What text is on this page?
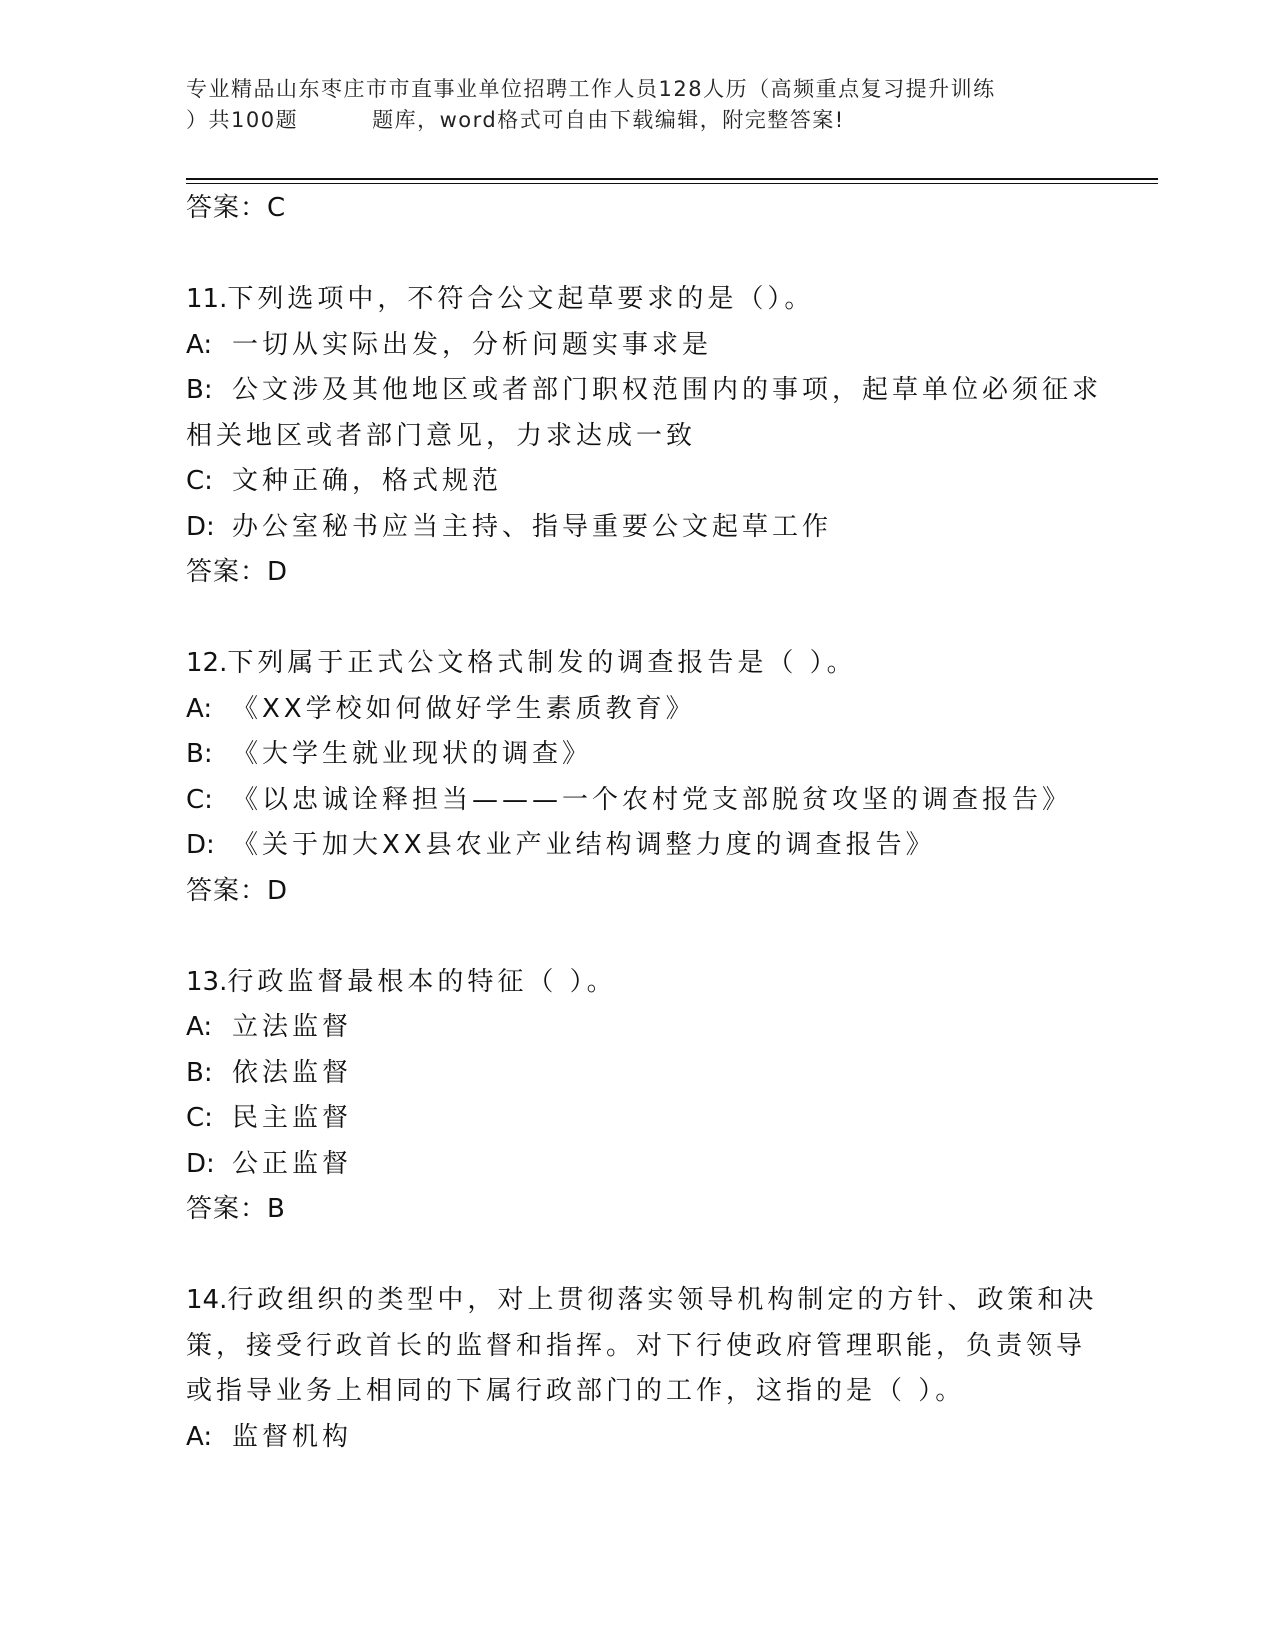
专业精品山东枣庄市市直事业单位招聘工作人员128人历（高频重点复习提升训练
）共100题	题库，word格式可自由下载编辑，附完整答案!
答案：C
11.下列选项中，不符合公文起草要求的是（）。
A: 一切从实际出发，分析问题实事求是
B: 公文涉及其他地区或者部门职权范围内的事项，起草单位必须征求
相关地区或者部门意见，力求达成一致
C: 文种正确，格式规范
D: 办公室秘书应当主持、指导重要公文起草工作
答案：D
12.下列属于正式公文格式制发的调查报告是（ ）。
A: 《XX学校如何做好学生素质教育》
B: 《大学生就业现状的调查》
C: 《以忠诚诠释担当———一个农村党支部脱贫攻坚的调查报告》
D: 《关于加大XX县农业产业结构调整力度的调查报告》
答案：D
13.行政监督最根本的特征（ ）。
A: 立法监督
B: 依法监督
C: 民主监督
D: 公正监督
答案：B
14.行政组织的类型中，对上贯彻落实领导机构制定的方针、政策和决
策，接受行政首长的监督和指挥。对下行使政府管理职能，负责领导
或指导业务上相同的下属行政部门的工作，这指的是（ ）。
A: 监督机构
